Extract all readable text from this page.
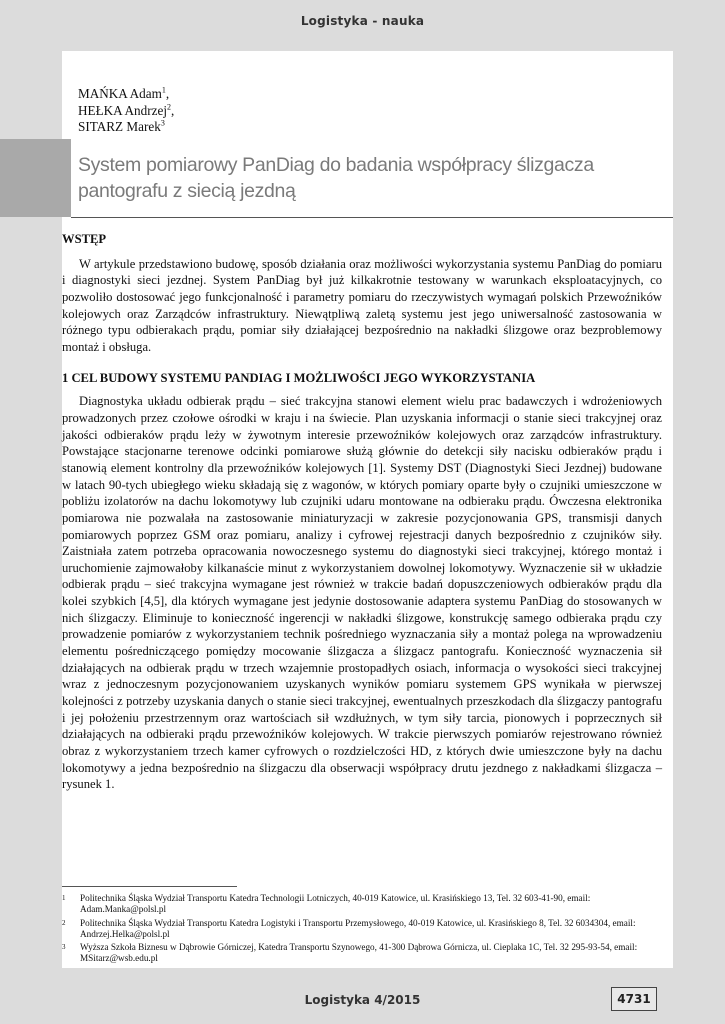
Logistyka - nauka
MAŃKA Adam$^1$,
HEŁKA Andrzej$^2$,
SITARZ Marek$^3$
System pomiarowy PanDiag do badania współpracy ślizgacza
pantografu z siecią jezdną
WSTĘP

W artykule przedstawiono budowę, sposób działania oraz możliwości wykorzystania systemu PanDiag do pomiaru i diagnostyki sieci jezdnej. System PanDiag był już kilkakrotnie testowany w warunkach eksploatacyjnych, co pozwoliło dostosować jego funkcjonalność i parametry pomiaru do rzeczywistych wymagań polskich Przewoźników kolejowych oraz Zarządców infrastruktury. Niewątpliwą zaletą systemu jest jego uniwersalność zastosowania w różnego typu odbierakach prądu, pomiar siły działającej bezpośrednio na nakładki ślizgowe oraz bezproblemowy montaż i obsługa.

1 CEL BUDOWY SYSTEMU PANDIAG I MOŻLIWOŚCI JEGO WYKORZYSTANIA

Diagnostyka układu odbierak prądu – sieć trakcyjna stanowi element wielu prac badawczych i wdrożeniowych prowadzonych przez czołowe ośrodki w kraju i na świecie. Plan uzyskania informacji o stanie sieci trakcyjnej oraz jakości odbieraków prądu leży w żywotnym interesie przewoźników kolejowych oraz zarządców infrastruktury. Powstające stacjonarne terenowe odcinki pomiarowe służą głównie do detekcji siły nacisku odbieraków prądu i stanowią element kontrolny dla przewoźników kolejowych [1]. Systemy DST (Diagnostyki Sieci Jezdnej) budowane w latach 90-tych ubiegłego wieku składają się z wagonów, w których pomiary oparte były o czujniki umieszczone w pobliżu izolatorów na dachu lokomotywy lub czujniki udaru montowane na odbieraku prądu. Ówczesna elektronika pomiarowa nie pozwalała na zastosowanie miniaturyzacji w zakresie pozycjonowania GPS, transmisji danych pomiarowych poprzez GSM oraz pomiaru, analizy i cyfrowej rejestracji danych bezpośrednio z czujników siły. Zaistniała zatem potrzeba opracowania nowoczesnego systemu do diagnostyki sieci trakcyjnej, którego montaż i uruchomienie zajmowałoby kilkanaście minut z wykorzystaniem dowolnej lokomotywy. Wyznaczenie sił w układzie odbierak prądu – sieć trakcyjna wymagane jest również w trakcie badań dopuszczeniowych odbieraków prądu dla kolei szybkich [4,5], dla których wymagane jest jedynie dostosowanie adaptera systemu PanDiag do stosowanych w nich ślizgaczy. Eliminuje to konieczność ingerencji w nakładki ślizgowe, konstrukcję samego odbieraka prądu czy prowadzenie pomiarów z wykorzystaniem technik pośredniego wyznaczania siły a montaż polega na wprowadzeniu elementu pośredniczącego pomiędzy mocowanie ślizgacza a ślizgacz pantografu. Konieczność wyznaczenia sił działających na odbierak prądu w trzech wzajemnie prostopadłych osiach, informacja o wysokości sieci trakcyjnej wraz z jednoczesnym pozycjonowaniem uzyskanych wyników pomiaru systemem GPS wynikała w pierwszej kolejności z potrzeby uzyskania danych o stanie sieci trakcyjnej, ewentualnych przeszkodach dla ślizgaczy pantografu i jej położeniu przestrzennym oraz wartościach sił wzdłużnych, w tym siły tarcia, pionowych i poprzecznych sił działających na odbieraki prądu przewoźników kolejowych. W trakcie pierwszych pomiarów rejestrowano również obraz z wykorzystaniem trzech kamer cyfrowych o rozdzielczości HD, z których dwie umieszczone były na dachu lokomotywy a jedna bezpośrednio na ślizgaczu dla obserwacji współpracy drutu jezdnego z nakładkami ślizgacza – rysunek 1.

1 Politechnika Śląska Wydział Transportu Katedra Technologii Lotniczych, 40-019 Katowice, ul. Krasińskiego 13, Tel. 32 603-41-90, email: Adam.Manka@polsl.pl
2 Politechnika Śląska Wydział Transportu Katedra Logistyki i Transportu Przemysłowego, 40-019 Katowice, ul. Krasińskiego 8, Tel. 32 6034304, email: Andrzej.Helka@polsl.pl
3 Wyższa Szkoła Biznesu w Dąbrowie Górniczej, Katedra Transportu Szynowego, 41-300 Dąbrowa Górnicza, ul. Cieplaka 1C, Tel. 32 295-93-54, email: MSitarz@wsb.edu.pl
Logistyka 4/2015	4731
